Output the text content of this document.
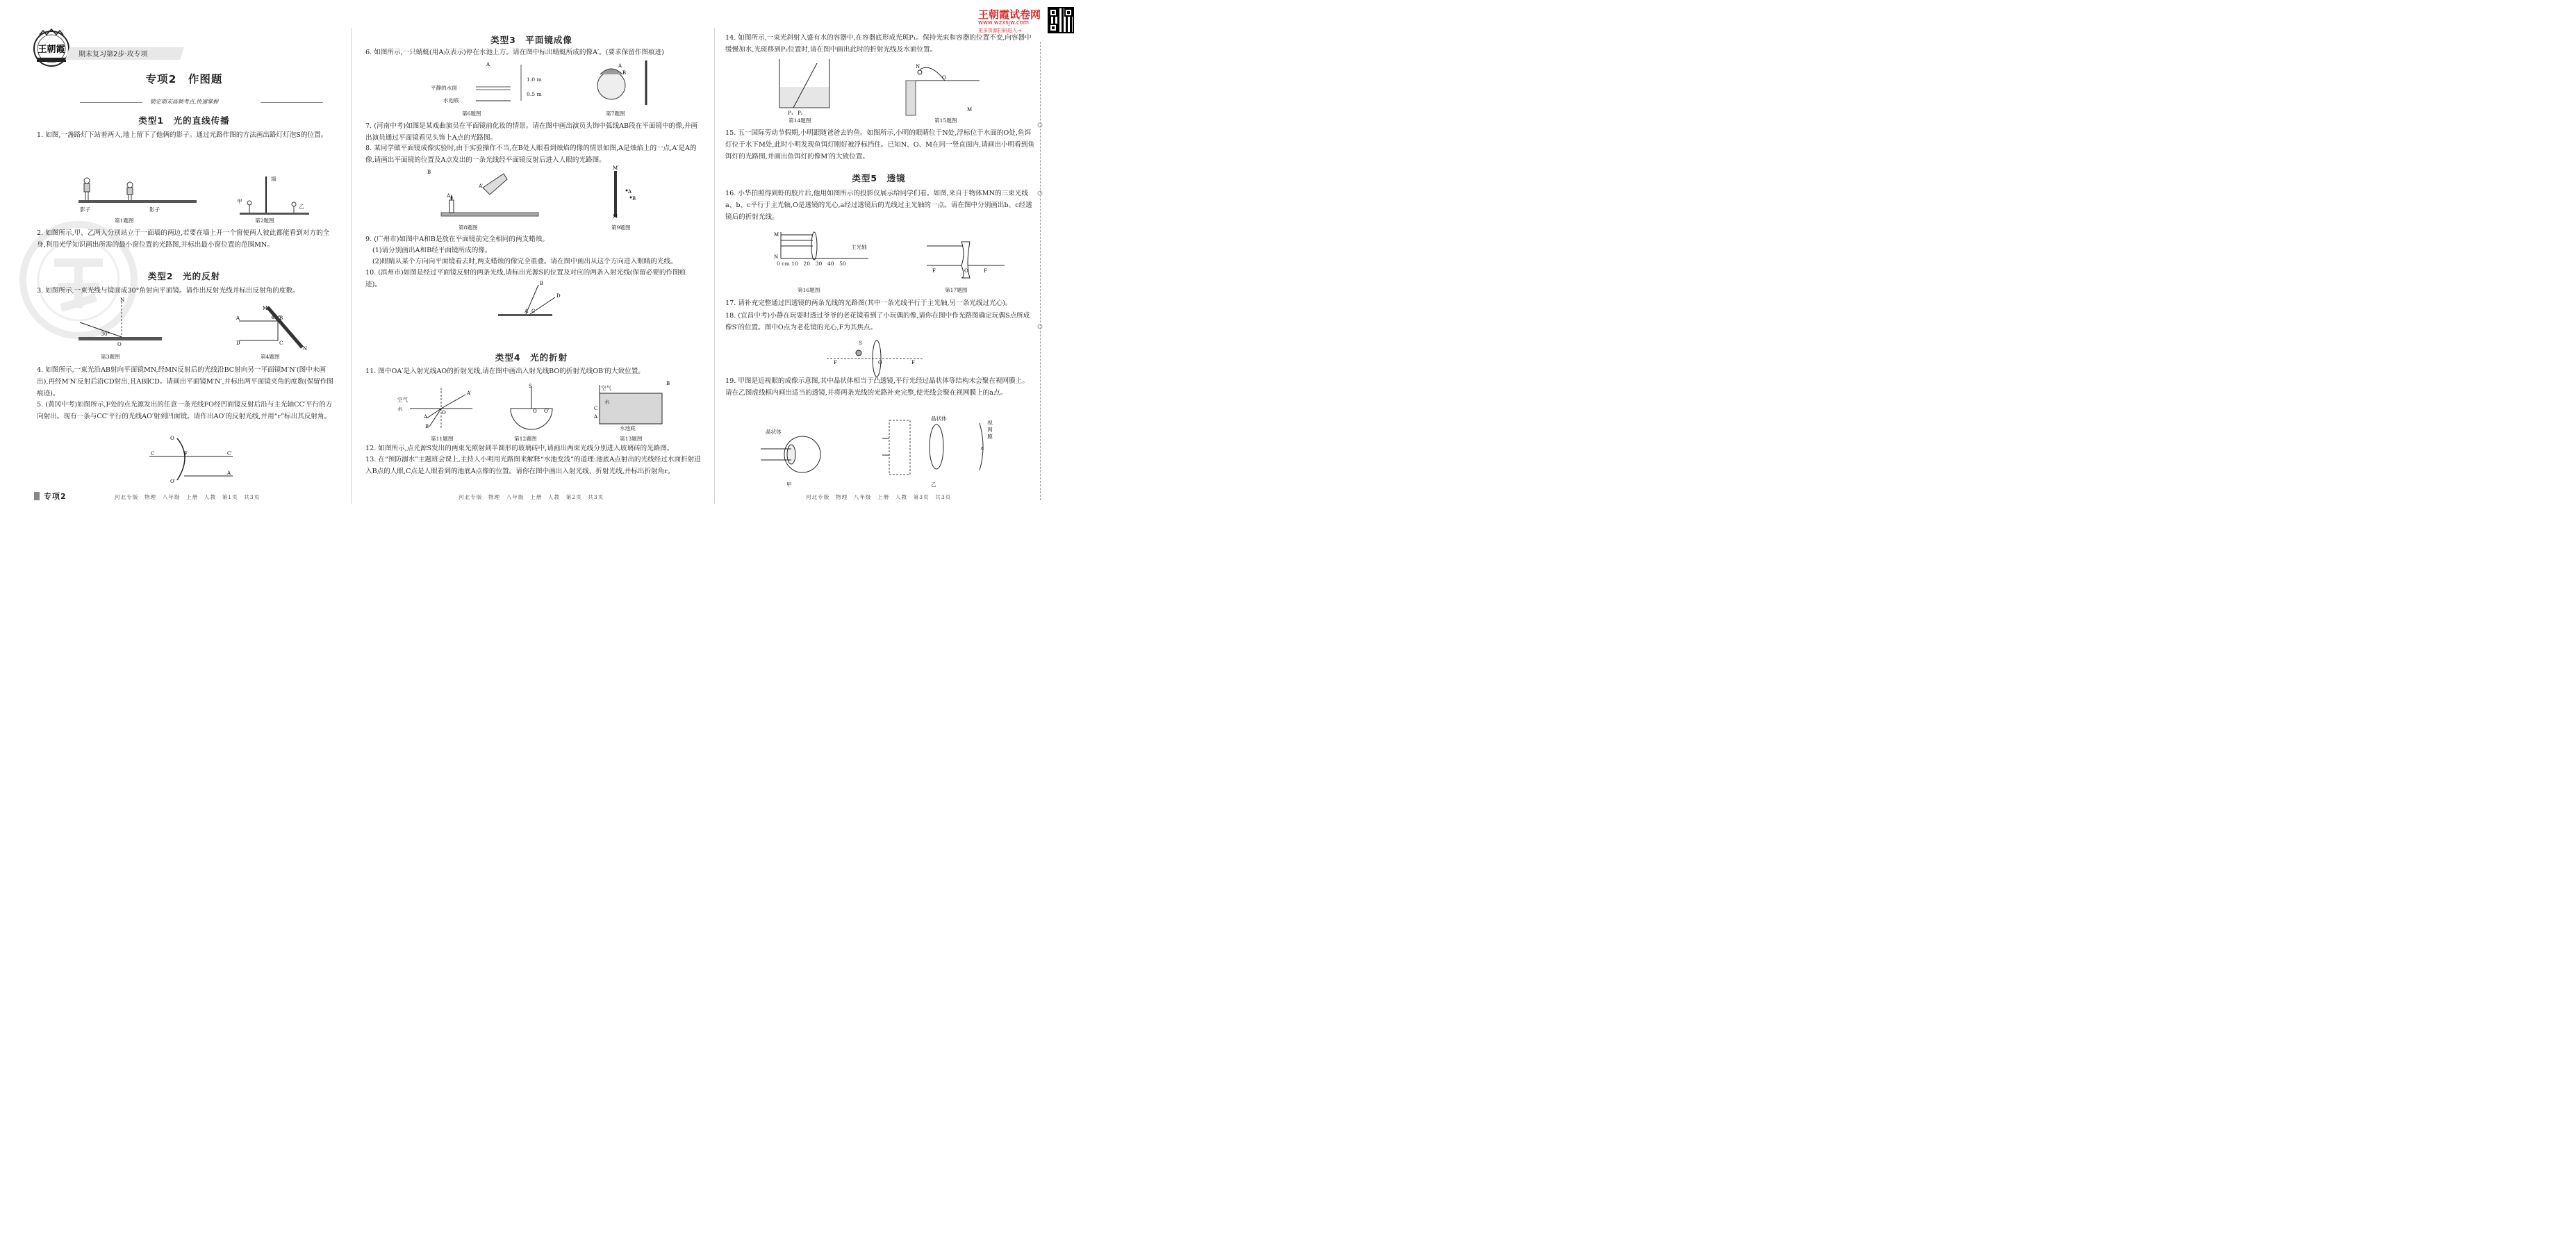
王朝霞试卷网
www.wzxsjw.com
更多资源扫码进入→
王朝霞 期末复习第2步·攻专项
专项2　作图题
锁定期末高频考点,快速掌握
类型1　光的直线传播

1. 如图,一盏路灯下站着两人,地上留下了他俩的影子。通过光路作图的方法画出路灯灯泡S的位置。

影子	影子
第1题图
墙
甲
乙
第2题图

2. 如图所示,甲、乙两人分别站立于一面墙的两边,若要在墙上开一个窗使两人彼此都能看到对方的全身,利用光学知识画出所需的最小窗位置的光路图,并标出最小窗位置的范围MN。

类型2　光的反射

3. 如图所示,一束光线与镜面成30°角射向平面镜。请作出反射光线并标出反射角的度数。

N
O
30°
第3题图
A	B
C
D
M
N
45°
第4题图

4. 如图所示,一束光沿AB射向平面镜MN,经MN反射后的光线沿BC射向另一平面镜M′N′(图中未画出),再经M′N′反射后沿CD射出,且AB∥CD。请画出平面镜M′N′,并标出两平面镜夹角的度数(保留作图痕迹)。

5. (黄冈中考)如图所示,F处的点光源发出的任意一条光线FO经凹面镜反射后沿与主光轴CC′平行的方向射出。现有一条与CC′平行的光线AO′射到凹面镜。请作出AO′的反射光线,并用“r”标出其反射角。

C	C′
F
A
O
O′
专项2	河北专版　物理　八年级　上册　人教　第1页　共3页
类型3　平面镜成像

6. 如图所示,一只蜻蜓(用A点表示)停在水池上方。请在图中标出蜻蜓所成的像A′。(要求保留作图痕迹)

A
平静的水面
水池底
1.0 m
0.5 m
第6题图
A
B
第7题图

7. (河南中考)如图是某戏曲演员在平面镜前化妆的情景。请在图中画出演员头饰中弧线AB段在平面镜中的像,并画出演员通过平面镜看见头饰上A点的光路图。

8. 某同学做平面镜成像实验时,由于实验操作不当,在B处人眼看到烛焰的像的情景如图,A是烛焰上的一点,A′是A的像,请画出平面镜的位置及A点发出的一条光线经平面镜反射后进入人眼的光路图。

B
A′
A
第8题图
M′
M
A
B
第9题图

9. (广州市)如图中A和B是放在平面镜前完全相同的两支蜡烛。

(1)请分别画出A和B经平面镜所成的像。

(2)眼睛从某个方向向平面镜看去时,两支蜡烛的像完全重叠。请在图中画出从这个方向进入眼睛的光线。

10. (滨州市)如图是经过平面镜反射的两条光线,请标出光源S的位置及对应的两条入射光线(保留必要的作图痕迹)。	B
D
A C
类型4　光的折射

11. 图中OA′是入射光线AO的折射光线,请在图中画出入射光线BO的折射光线OB′的大致位置。

A′
O
A
B
空气
水
第11题图
S
O O′
第12题图
C
A
B
空气
水
水池底
第13题图

12. 如图所示,点光源S发出的两束光照射到半圆形的玻璃砖中,请画出两束光线分别进入玻璃砖的光路图。

13. 在“预防溺水”主题班会课上,主持人小明用光路图来解释“水池变浅”的道理:池底A点射出的光线经过水面折射进入B点的人眼,C点是人眼看到的池底A点像的位置。请你在图中画出入射光线、折射光线,并标出折射角r。

河北专版　物理　八年级　上册　人教　第2页　共3页

14. 如图所示,一束光斜射入盛有水的容器中,在容器底形成光斑P₁。保持光束和容器的位置不变,向容器中缓慢加水,光斑移到P₂位置时,请在图中画出此时的折射光线及水面位置。

P₁ P₂
第14题图
N
O
M
第15题图

15. 五一国际劳动节假期,小明跟随爸爸去钓鱼。如图所示,小明的眼睛位于N处,浮标位于水面的O处,鱼饵灯位于水下M处,此时小明发现鱼饵灯刚好被浮标挡住。已知N、O、M在同一竖直面内,请画出小明看到鱼饵灯的光路图,并画出鱼饵灯的像M′的大致位置。

类型5　透镜

16. 小华拍照得到虾的胶片后,他用如图所示的投影仪展示给同学们看。如图,来自于物体MN的三束光线a、b、c平行于主光轴,O是透镜的光心,a经过透镜后的光线过主光轴的一点。请在图中分别画出b、c经透镜后的折射光线。

M
N
主光轴
0 cm 10　20　30　40　50
第16题图
F	F
O
第17题图

17. 请补充完整通过凹透镜的两条光线的光路图(其中一条光线平行于主光轴,另一条光线过光心)。

18. (宜昌中考)小静在玩耍时透过爷爷的老花镜看到了小玩偶的像,请你在图中作光路图确定玩偶S点所成像S′的位置。图中O点为老花镜的光心,F为其焦点。

F	F
S
O

19. 甲图是近视眼的成像示意图,其中晶状体相当于凸透镜,平行光经过晶状体等结构未会聚在视网膜上。请在乙图虚线框内画出适当的透镜,并将两条光线的光路补充完整,使光线会聚在视网膜上的a点。

晶状体
甲
a
晶状体
视网膜
乙
河北专版　物理　八年级　上册　人教　第3页　共3页
